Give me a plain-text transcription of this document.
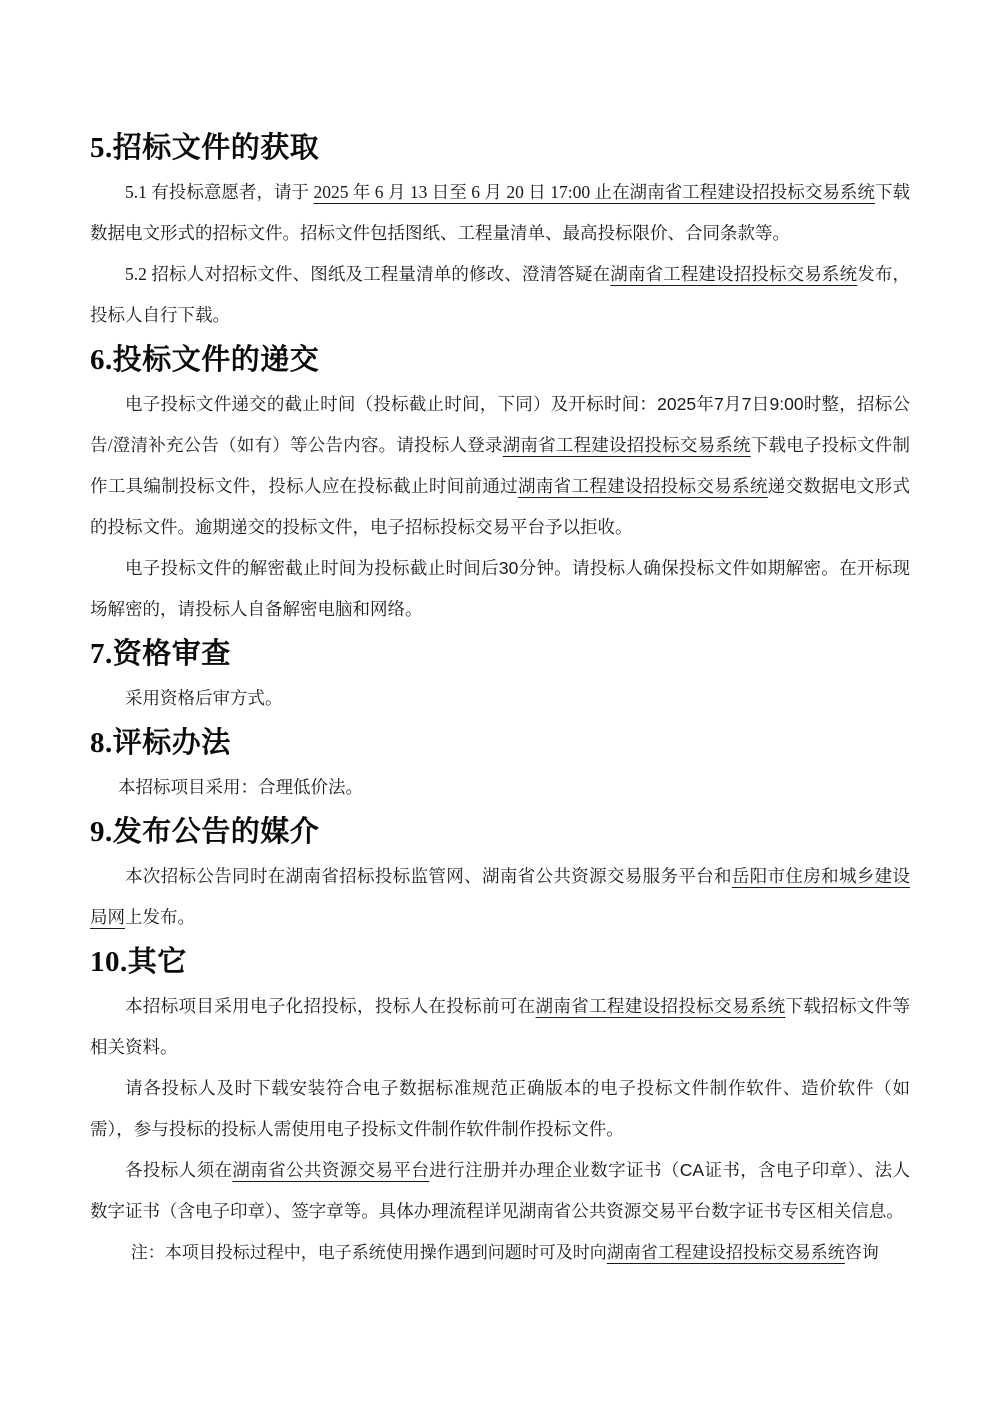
5.招标文件的获取

5.1 有投标意愿者，请于 2025 年 6 月 13 日至 6 月 20 日 17:00 止在湖南省工程建设招投标交易系统下载数据电文形式的招标文件。招标文件包括图纸、工程量清单、最高投标限价、合同条款等。

5.2 招标人对招标文件、图纸及工程量清单的修改、澄清答疑在湖南省工程建设招投标交易系统发布，投标人自行下载。

6.投标文件的递交

电子投标文件递交的截止时间（投标截止时间，下同）及开标时间：2025年7月7日9:00时整，招标公告/澄清补充公告（如有）等公告内容。请投标人登录湖南省工程建设招投标交易系统下载电子投标文件制作工具编制投标文件，投标人应在投标截止时间前通过湖南省工程建设招投标交易系统递交数据电文形式的投标文件。逾期递交的投标文件，电子招标投标交易平台予以拒收。

电子投标文件的解密截止时间为投标截止时间后30分钟。请投标人确保投标文件如期解密。在开标现场解密的，请投标人自备解密电脑和网络。

7.资格审查

采用资格后审方式。

8.评标办法

本招标项目采用：合理低价法。

9.发布公告的媒介

本次招标公告同时在湖南省招标投标监管网、湖南省公共资源交易服务平台和岳阳市住房和城乡建设局网上发布。

10.其它

本招标项目采用电子化招投标，投标人在投标前可在湖南省工程建设招投标交易系统下载招标文件等相关资料。

请各投标人及时下载安装符合电子数据标准规范正确版本的电子投标文件制作软件、造价软件（如需），参与投标的投标人需使用电子投标文件制作软件制作投标文件。

各投标人须在湖南省公共资源交易平台进行注册并办理企业数字证书（CA证书，含电子印章）、法人数字证书（含电子印章）、签字章等。具体办理流程详见湖南省公共资源交易平台数字证书专区相关信息。

注：本项目投标过程中，电子系统使用操作遇到问题时可及时向湖南省工程建设招投标交易系统咨询
